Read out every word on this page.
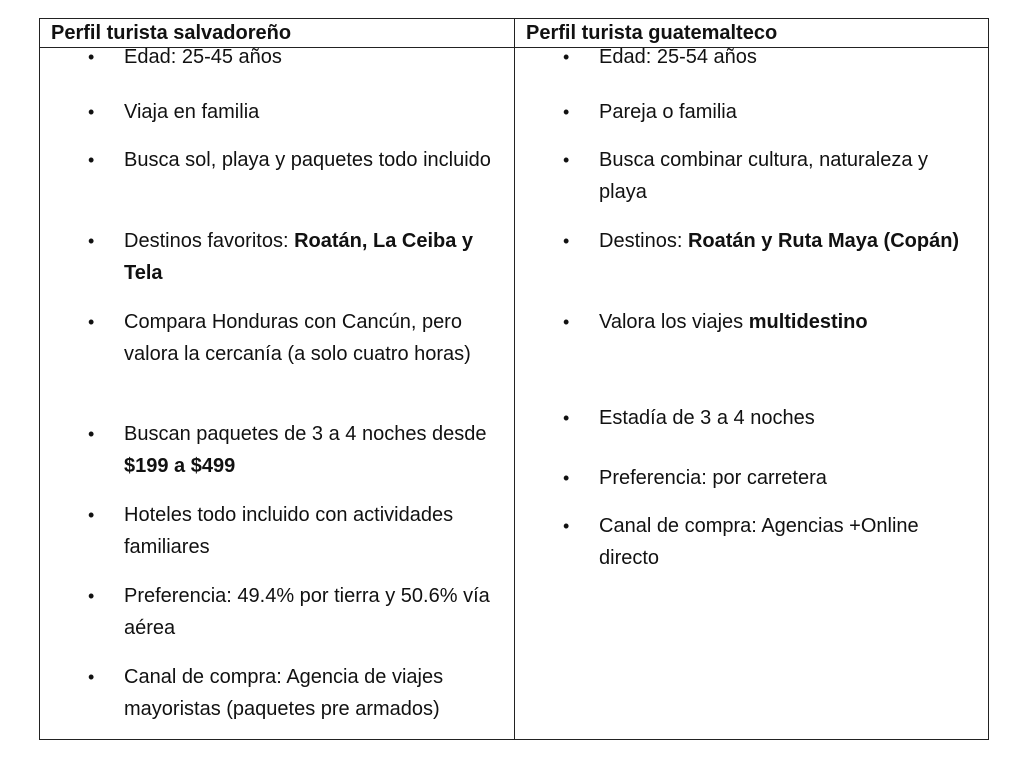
Perfil turista salvadoreño	Perfil turista guatemalteco
• Edad: 25-45 años
• Viaja en familia
• Busca sol, playa y paquetes todo incluido
• Destinos favoritos: Roatán, La Ceiba y Tela
• Compara Honduras con Cancún, pero valora la cercanía (a solo cuatro horas)
• Buscan paquetes de 3 a 4 noches desde $199 a $499
• Hoteles todo incluido con actividades familiares
• Preferencia: 49.4% por tierra y 50.6% vía aérea
• Canal de compra: Agencia de viajes mayoristas (paquetes pre armados)
• Edad: 25-54 años
• Pareja o familia
• Busca combinar cultura, naturaleza y playa
• Destinos: Roatán y Ruta Maya (Copán)
• Valora los viajes multidestino
• Estadía de 3 a 4 noches
• Preferencia: por carretera
• Canal de compra: Agencias +Online directo
